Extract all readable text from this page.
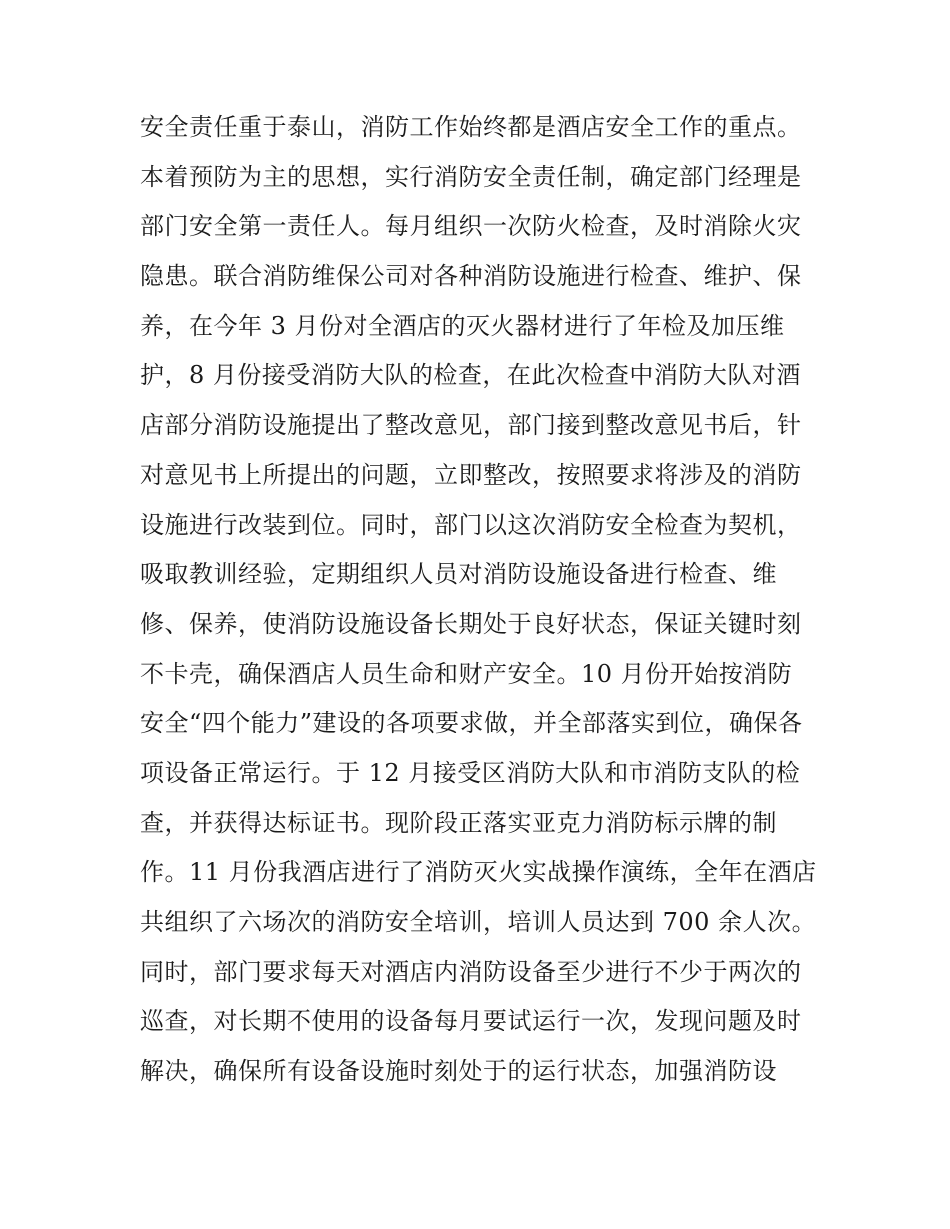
安全责任重于泰山，消防工作始终都是酒店安全工作的重点。
本着预防为主的思想，实行消防安全责任制，确定部门经理是
部门安全第一责任人。每月组织一次防火检查，及时消除火灾
隐患。联合消防维保公司对各种消防设施进行检查、维护、保
养，在今年 3 月份对全酒店的灭火器材进行了年检及加压维
护，8 月份接受消防大队的检查，在此次检查中消防大队对酒
店部分消防设施提出了整改意见，部门接到整改意见书后，针
对意见书上所提出的问题，立即整改，按照要求将涉及的消防
设施进行改装到位。同时，部门以这次消防安全检查为契机，
吸取教训经验，定期组织人员对消防设施设备进行检查、维
修、保养，使消防设施设备长期处于良好状态，保证关键时刻
不卡壳，确保酒店人员生命和财产安全。10 月份开始按消防
安全“四个能力”建设的各项要求做，并全部落实到位，确保各
项设备正常运行。于 12 月接受区消防大队和市消防支队的检
查，并获得达标证书。现阶段正落实亚克力消防标示牌的制
作。11 月份我酒店进行了消防灭火实战操作演练，全年在酒店
共组织了六场次的消防安全培训，培训人员达到 700 余人次。
同时，部门要求每天对酒店内消防设备至少进行不少于两次的
巡查，对长期不使用的设备每月要试运行一次，发现问题及时
解决，确保所有设备设施时刻处于的运行状态，加强消防设
